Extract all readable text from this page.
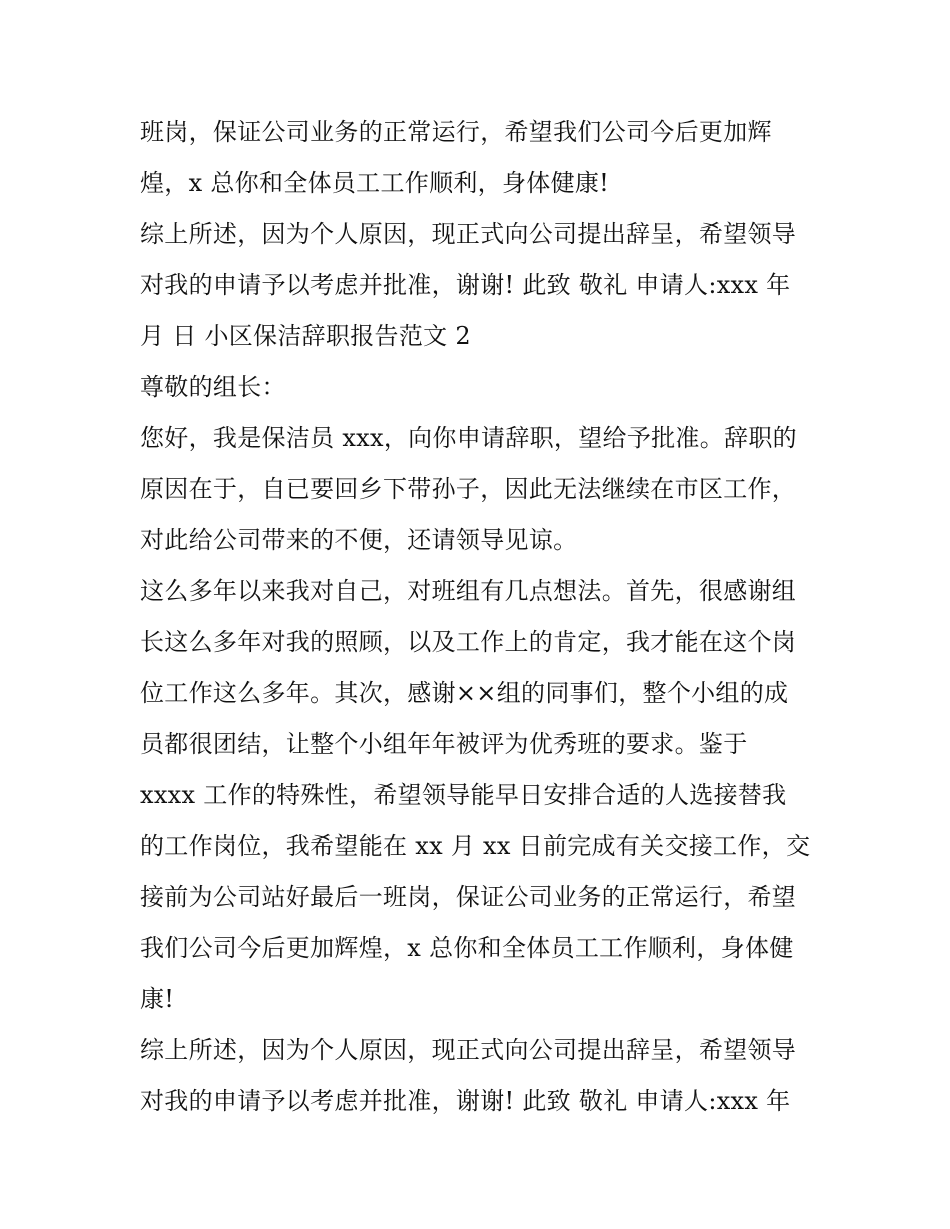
班岗，保证公司业务的正常运行，希望我们公司今后更加辉
煌，x 总你和全体员工工作顺利，身体健康!
综上所述，因为个人原因，现正式向公司提出辞呈，希望领导
对我的申请予以考虑并批准，谢谢! 此致 敬礼 申请人:xxx 年
月 日 小区保洁辞职报告范文 2
尊敬的组长：
您好，我是保洁员 xxx，向你申请辞职，望给予批准。辞职的
原因在于，自已要回乡下带孙子，因此无法继续在市区工作，
对此给公司带来的不便，还请领导见谅。
这么多年以来我对自己，对班组有几点想法。首先，很感谢组
长这么多年对我的照顾，以及工作上的肯定，我才能在这个岗
位工作这么多年。其次，感谢××组的同事们，整个小组的成
员都很团结，让整个小组年年被评为优秀班的要求。鉴于
xxxx 工作的特殊性，希望领导能早日安排合适的人选接替我
的工作岗位，我希望能在 xx 月 xx 日前完成有关交接工作，交
接前为公司站好最后一班岗，保证公司业务的正常运行，希望
我们公司今后更加辉煌，x 总你和全体员工工作顺利，身体健
康!
综上所述，因为个人原因，现正式向公司提出辞呈，希望领导
对我的申请予以考虑并批准，谢谢! 此致 敬礼 申请人:xxx 年
